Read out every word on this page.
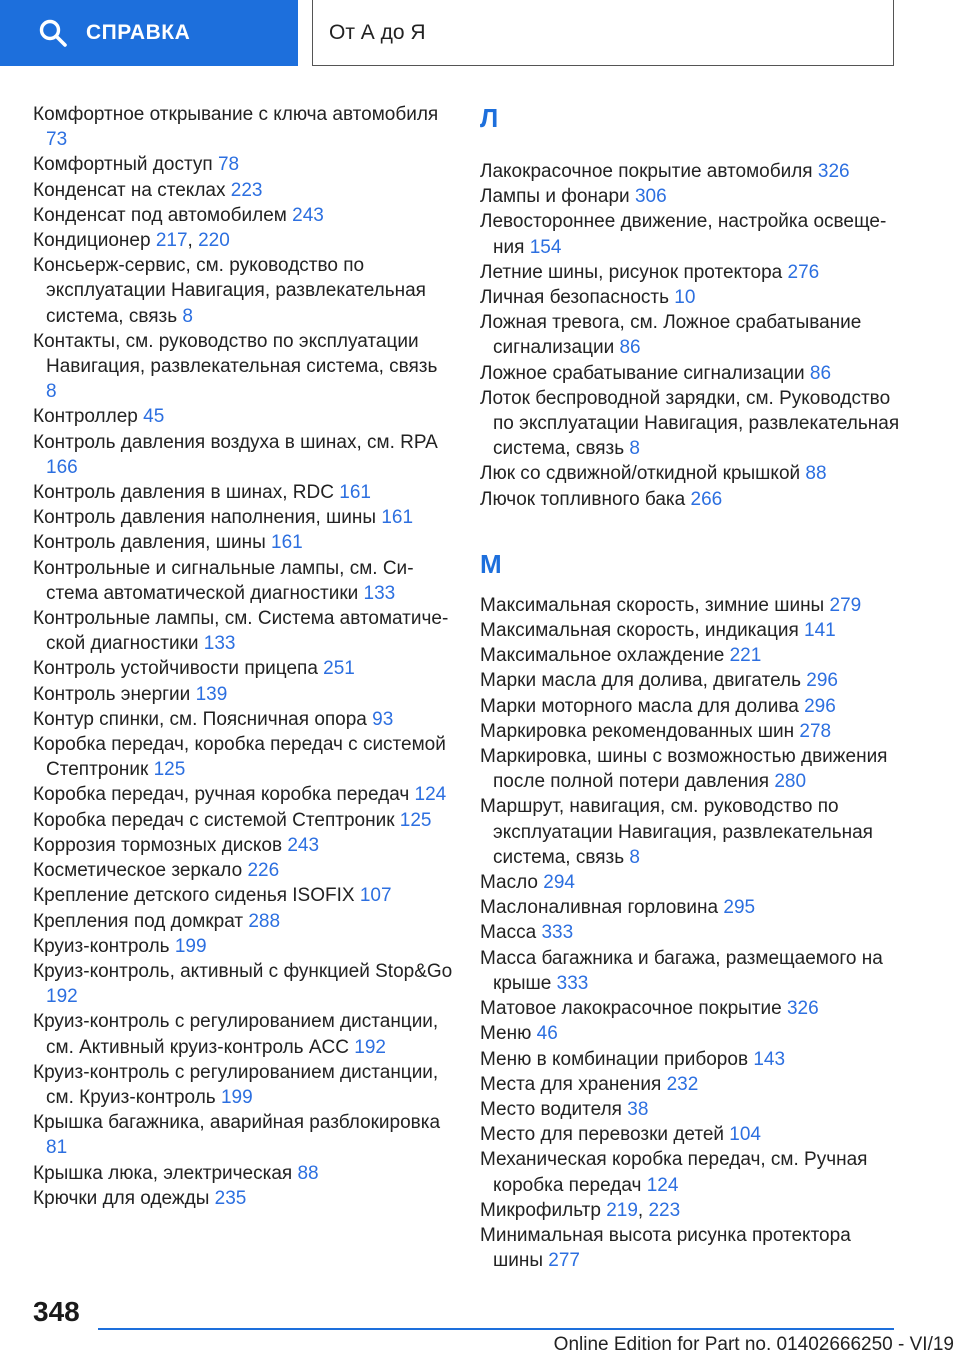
СПРАВКА	От А до Я
Комфортное открывание с ключа автомобиля 73
Комфортный доступ 78
Конденсат на стеклах 223
Конденсат под автомобилем 243
Кондиционер 217, 220
Консьерж-сервис, см. руководство по эксплуатации Навигация, развлекательная система, связь 8
Контакты, см. руководство по эксплуатации Навигация, развлекательная система, связь 8
Контроллер 45
Контроль давления воздуха в шинах, см. RPA 166
Контроль давления в шинах, RDC 161
Контроль давления наполнения, шины 161
Контроль давления, шины 161
Контрольные и сигнальные лампы, см. Система автоматической диагностики 133
Контрольные лампы, см. Система автоматической диагностики 133
Контроль устойчивости прицепа 251
Контроль энергии 139
Контур спинки, см. Поясничная опора 93
Коробка передач, коробка передач с системой Стептроник 125
Коробка передач, ручная коробка передач 124
Коробка передач с системой Стептроник 125
Коррозия тормозных дисков 243
Косметическое зеркало 226
Крепление детского сиденья ISOFIX 107
Крепления под домкрат 288
Круиз-контроль 199
Круиз-контроль, активный с функцией Stop&Go 192
Круиз-контроль с регулированием дистанции, см. Активный круиз-контроль ACC 192
Круиз-контроль с регулированием дистанции, см. Круиз-контроль 199
Крышка багажника, аварийная разблокировка 81
Крышка люка, электрическая 88
Крючки для одежды 235
Л
Лакокрасочное покрытие автомобиля 326
Лампы и фонари 306
Левостороннее движение, настройка освещения 154
Летние шины, рисунок протектора 276
Личная безопасность 10
Ложная тревога, см. Ложное срабатывание сигнализации 86
Ложное срабатывание сигнализации 86
Лоток беспроводной зарядки, см. Руководство по эксплуатации Навигация, развлекательная система, связь 8
Люк со сдвижной/откидной крышкой 88
Лючок топливного бака 266
М
Максимальная скорость, зимние шины 279
Максимальная скорость, индикация 141
Максимальное охлаждение 221
Марки масла для долива, двигатель 296
Марки моторного масла для долива 296
Маркировка рекомендованных шин 278
Маркировка, шины с возможностью движения после полной потери давления 280
Маршрут, навигация, см. руководство по эксплуатации Навигация, развлекательная система, связь 8
Масло 294
Маслоналивная горловина 295
Масса 333
Масса багажника и багажа, размещаемого на крыше 333
Матовое лакокрасочное покрытие 326
Меню 46
Меню в комбинации приборов 143
Места для хранения 232
Место водителя 38
Место для перевозки детей 104
Механическая коробка передач, см. Ручная коробка передач 124
Микрофильтр 219, 223
Минимальная высота рисунка протектора шины 277
348
Online Edition for Part no. 01402666250 - VI/19
